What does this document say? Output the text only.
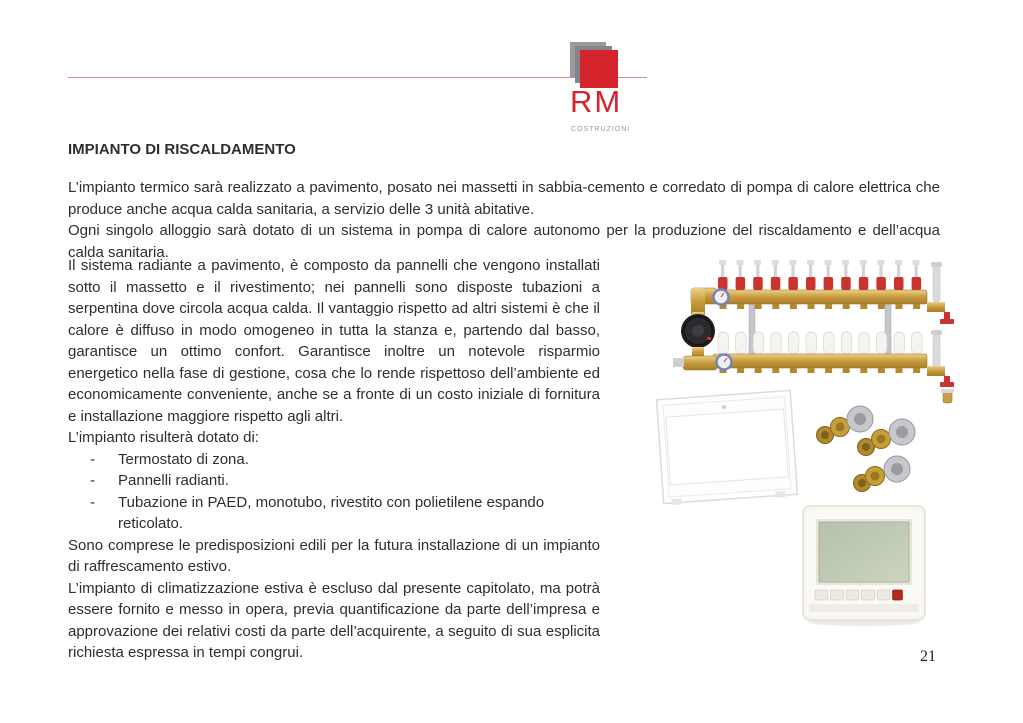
RM
COSTRUZIONI
IMPIANTO DI RISCALDAMENTO

L’impianto termico sarà realizzato a pavimento, posato nei massetti in sabbia-cemento e corredato di pompa di calore elettrica che produce anche acqua calda sanitaria, a servizio delle 3 unità abitative.

Ogni singolo alloggio sarà dotato di un sistema in pompa di calore autonomo per la produzione del riscaldamento e dell’acqua calda sanitaria.

Il sistema radiante a pavimento, è composto da pannelli che vengono installati sotto il massetto e il rivestimento; nei pannelli sono disposte tubazioni a serpentina dove circola acqua calda. Il vantaggio rispetto ad altri sistemi è che il calore è diffuso in modo omogeneo in tutta la stanza e, partendo dal basso, garantisce un ottimo confort. Garantisce inoltre un notevole risparmio energetico nella fase di gestione, cosa che lo rende rispettoso dell’ambiente ed economicamente conveniente, anche se a fronte di un costo iniziale di fornitura e installazione maggiore rispetto agli altri.

L’impianto risulterà dotato di:

-	Termostato di zona.
-	Pannelli radianti.
-	Tubazione in PAED, monotubo, rivestito con polietilene espando reticolato.

Sono comprese le predisposizioni edili per la futura installazione di un impianto di raffrescamento estivo.

L’impianto di climatizzazione estiva è escluso dal presente capitolato, ma potrà essere fornito e messo in opera, previa quantificazione da parte dell’impresa e approvazione dei relativi costi da parte dell’acquirente, a seguito di sua esplicita richiesta espressa in tempi congrui.	21
